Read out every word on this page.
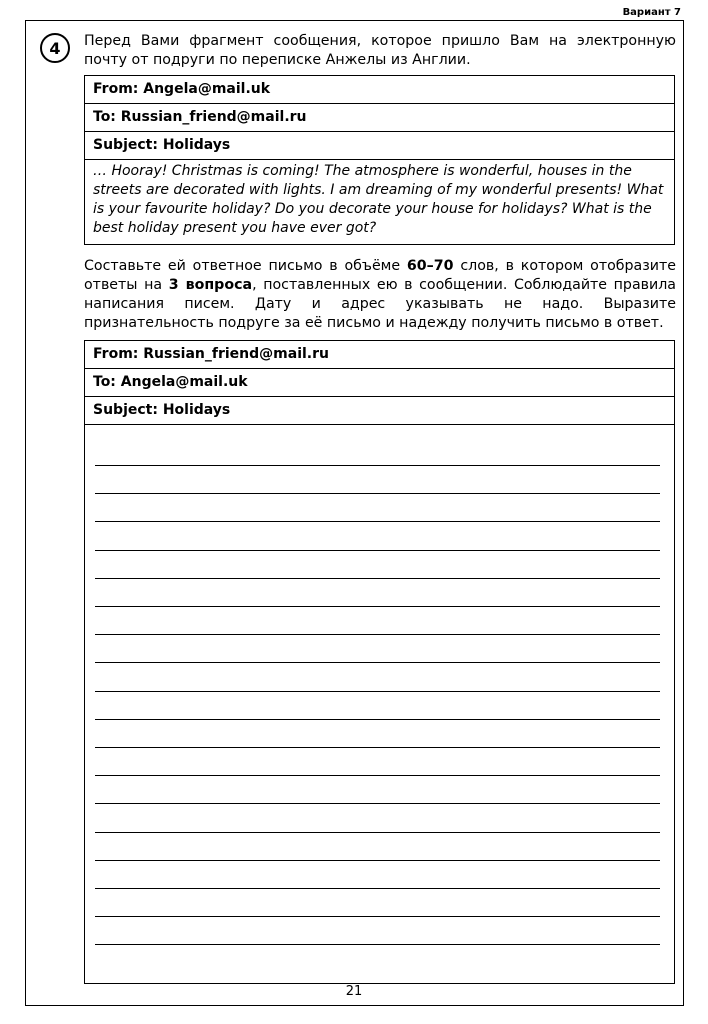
Вариант 7
4 Перед Вами фрагмент сообщения, которое пришло Вам на электронную почту от подруги по переписке Анжелы из Англии.
From: Angela@mail.uk
To: Russian_friend@mail.ru
Subject: Holidays
… Hooray! Christmas is coming! The atmosphere is wonderful, houses in the streets are decorated with lights. I am dreaming of my wonderful presents! What is your favourite holiday? Do you decorate your house for holidays? What is the best holiday present you have ever got?
Составьте ей ответное письмо в объёме 60–70 слов, в котором отобразите ответы на 3 вопроса, поставленных ею в сообщении. Соблюдайте правила написания писем. Дату и адрес указывать не надо. Выразите признательность подруге за её письмо и надежду получить письмо в ответ.
From: Russian_friend@mail.ru
To: Angela@mail.uk
Subject: Holidays
21
